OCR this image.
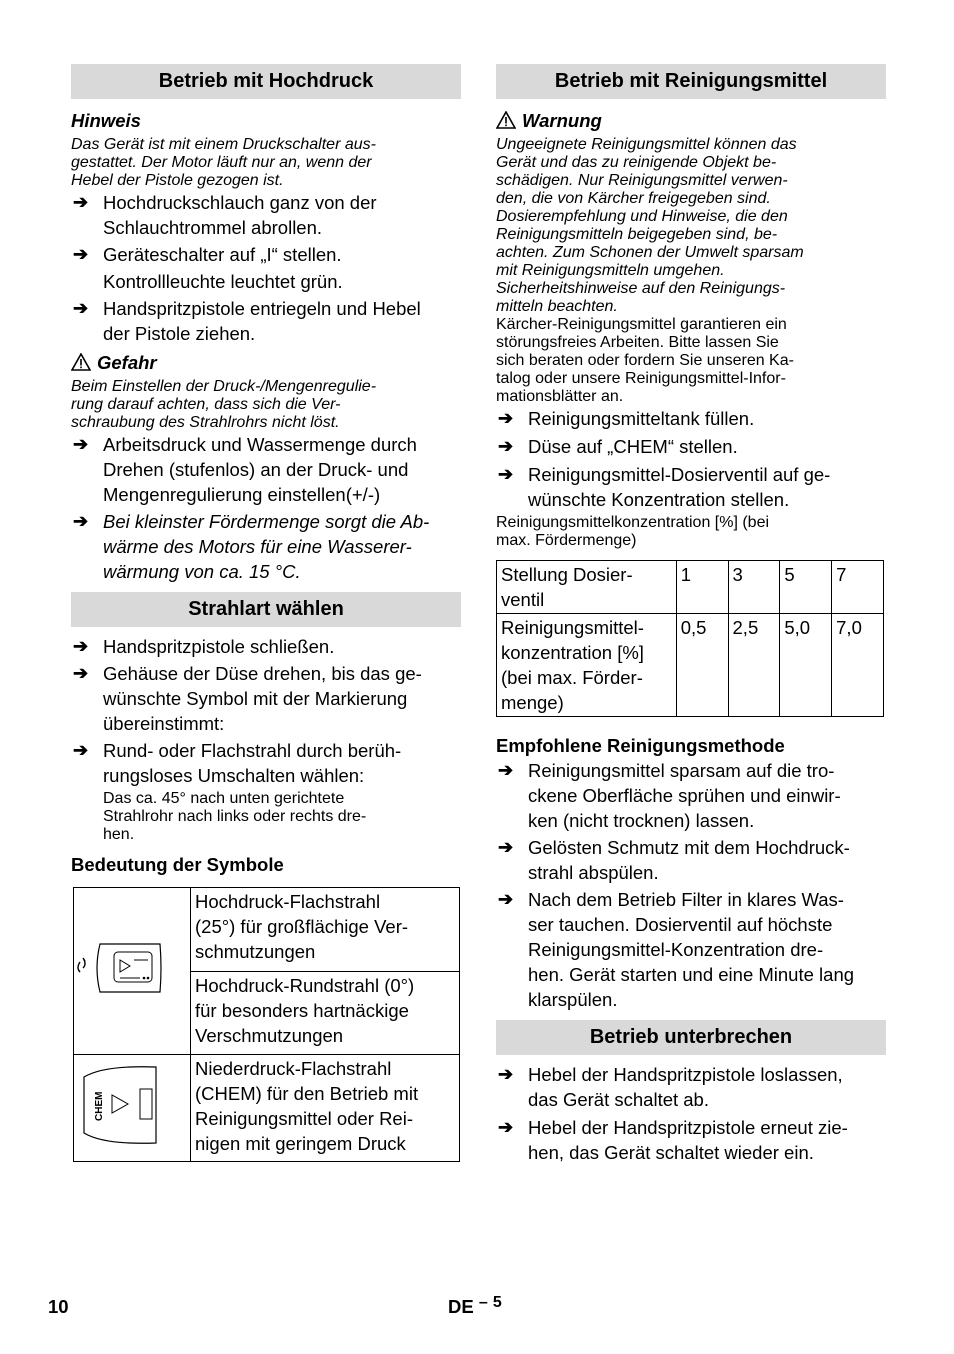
Betrieb mit Hochdruck
Hinweis
Das Gerät ist mit einem Druckschalter aus-
gestattet. Der Motor läuft nur an, wenn der
Hebel der Pistole gezogen ist.
➔ Hochdruckschlauch ganz von der
Schlauchtrommel abrollen.
➔ Geräteschalter auf „I“ stellen.

Kontrollleuchte leuchtet grün.

➔ Handspritzpistole entriegeln und Hebel
der Pistole ziehen.
Gefahr
Beim Einstellen der Druck-/Mengenregulie-
rung darauf achten, dass sich die Ver-
schraubung des Strahlrohrs nicht löst.
➔ Arbeitsdruck und Wassermenge durch
Drehen (stufenlos) an der Druck- und
Mengenregulierung einstellen(+/-)
➔ Bei kleinster Fördermenge sorgt die Ab-
wärme des Motors für eine Wasserer-
wärmung von ca. 15 °C.
Strahlart wählen
➔ Handspritzpistole schließen.
➔ Gehäuse der Düse drehen, bis das ge-
wünschte Symbol mit der Markierung
übereinstimmt:
➔ Rund- oder Flachstrahl durch berüh-
rungsloses Umschalten wählen:
Das ca. 45° nach unten gerichtete
Strahlrohr nach links oder rechts dre-
hen.
Bedeutung der Symbole

Hochdruck-Flachstrahl
(25°) für großflächige Ver-
schmutzungen

	Hochdruck-Rundstrahl (0°)
für besonders hartnäckige
Verschmutzungen

CHEM	Niederdruck-Flachstrahl
(CHEM) für den Betrieb mit
Reinigungsmittel oder Rei-
nigen mit geringem Druck
Betrieb mit Reinigungsmittel
Warnung
Ungeeignete Reinigungsmittel können das
Gerät und das zu reinigende Objekt be-
schädigen. Nur Reinigungsmittel verwen-
den, die von Kärcher freigegeben sind.
Dosierempfehlung und Hinweise, die den
Reinigungsmitteln beigegeben sind, be-
achten. Zum Schonen der Umwelt sparsam
mit Reinigungsmitteln umgehen.
Sicherheitshinweise auf den Reinigungs-
mitteln beachten.
Kärcher-Reinigungsmittel garantieren ein
störungsfreies Arbeiten. Bitte lassen Sie
sich beraten oder fordern Sie unseren Ka-
talog oder unsere Reinigungsmittel-Infor-
mationsblätter an.
➔ Reinigungsmitteltank füllen.
➔ Düse auf „CHEM“ stellen.
➔ Reinigungsmittel-Dosierventil auf ge-
wünschte Konzentration stellen.
Reinigungsmittelkonzentration [%] (bei
max. Fördermenge)
Stellung Dosier-
ventil	1	3	5	7

Reinigungsmittel-
konzentration [%]
(bei max. Förder-
menge)	0,5	2,5	5,0	7,0
Empfohlene Reinigungsmethode
➔ Reinigungsmittel sparsam auf die tro-
ckene Oberfläche sprühen und einwir-
ken (nicht trocknen) lassen.
➔ Gelösten Schmutz mit dem Hochdruck-
strahl abspülen.
➔ Nach dem Betrieb Filter in klares Was-
ser tauchen. Dosierventil auf höchste
Reinigungsmittel-Konzentration dre-
hen. Gerät starten und eine Minute lang
klarspülen.
Betrieb unterbrechen
➔ Hebel der Handspritzpistole loslassen,
das Gerät schaltet ab.
➔ Hebel der Handspritzpistole erneut zie-
hen, das Gerät schaltet wieder ein.
10	DE – 5
